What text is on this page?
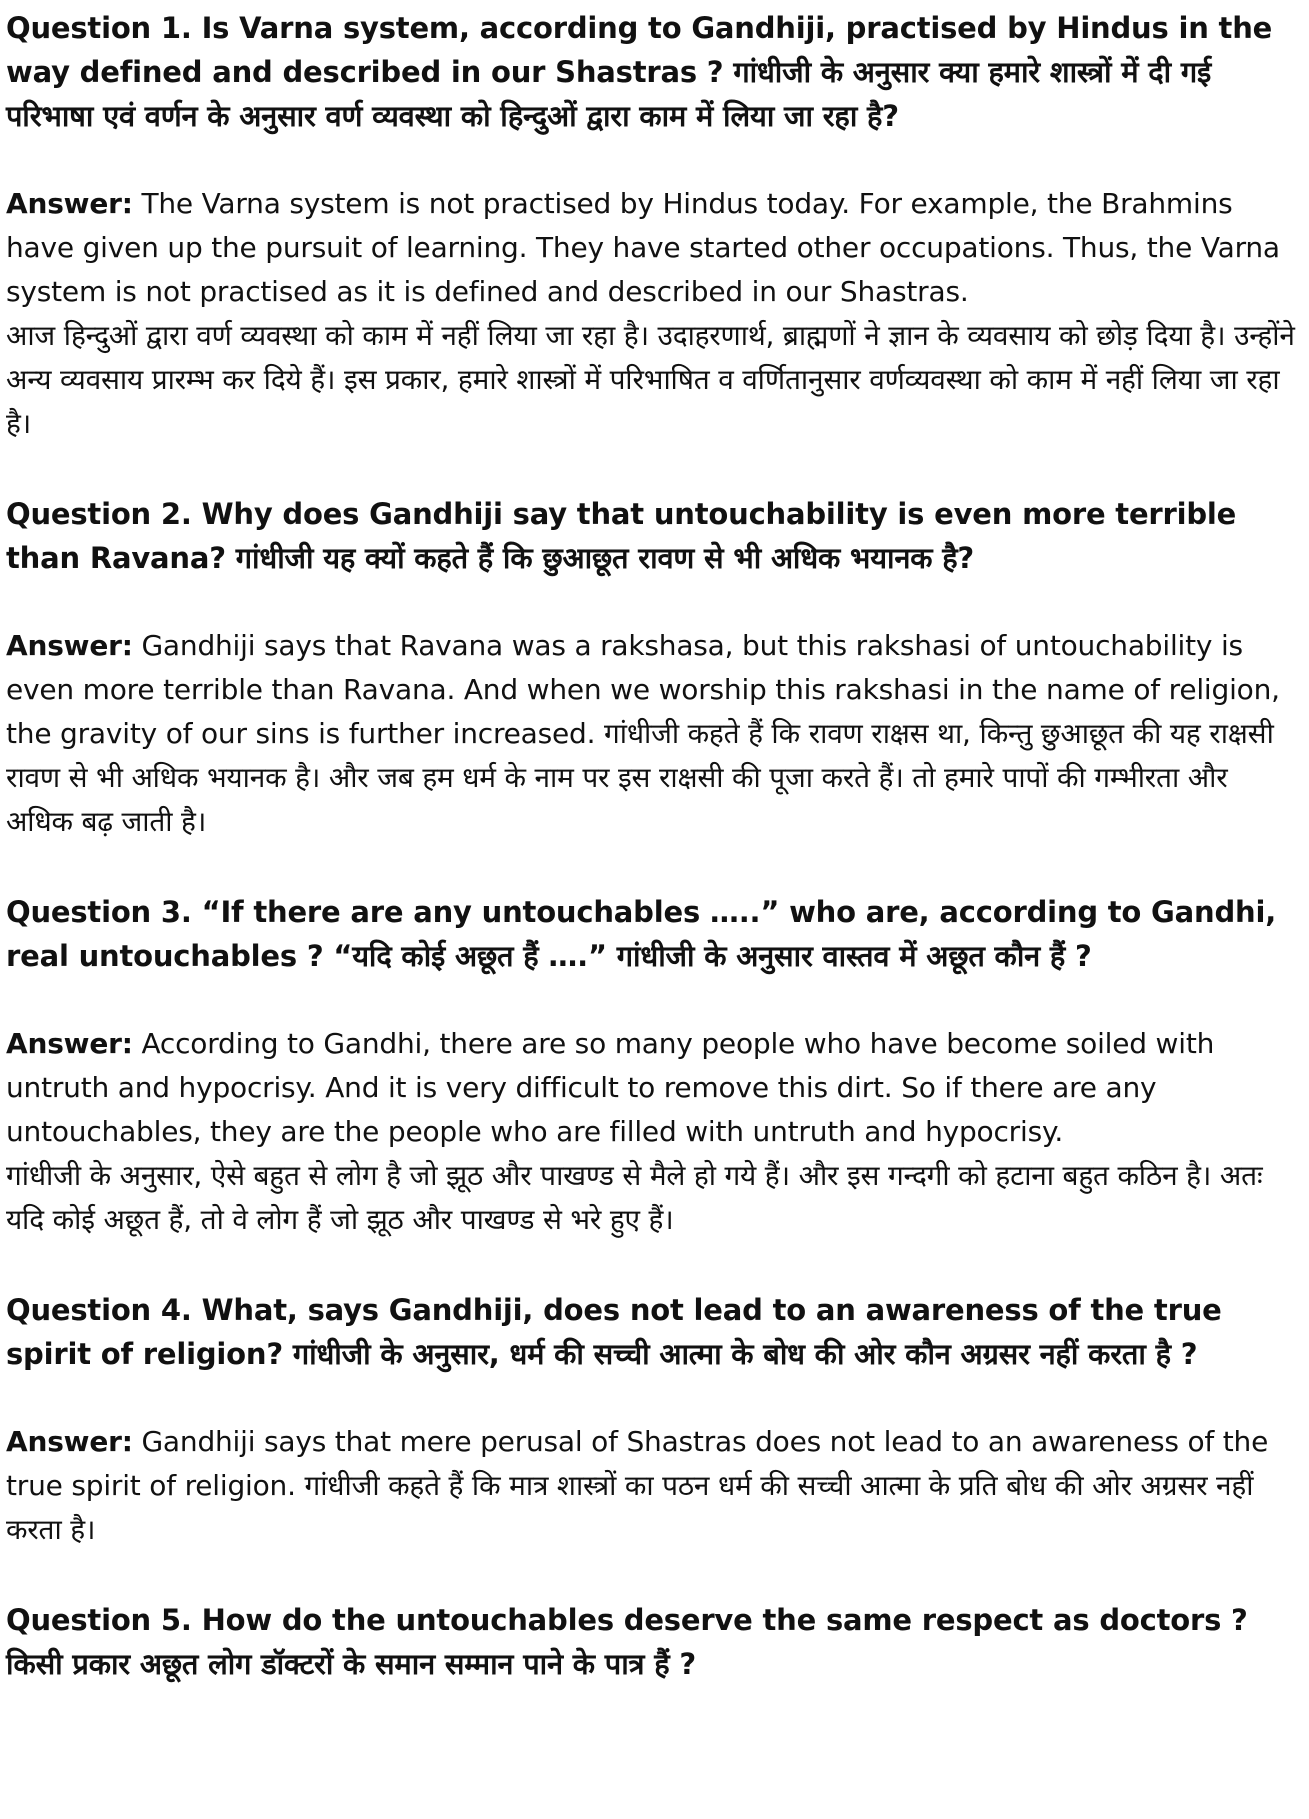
Question 1. Is Varna system, according to Gandhiji, practised by Hindus in the way defined and described in our Shastras ? गांधीजी के अनुसार क्या हमारे शास्त्रों में दी गई परिभाषा एवं वर्णन के अनुसार वर्ण व्यवस्था को हिन्दुओं द्वारा काम में लिया जा रहा है?

Answer: The Varna system is not practised by Hindus today. For example, the Brahmins have given up the pursuit of learning. They have started other occupations. Thus, the Varna system is not practised as it is defined and described in our Shastras.
आज हिन्दुओं द्वारा वर्ण व्यवस्था को काम में नहीं लिया जा रहा है। उदाहरणार्थ, ब्राह्मणों ने ज्ञान के व्यवसाय को छोड़ दिया है। उन्होंने अन्य व्यवसाय प्रारम्भ कर दिये हैं। इस प्रकार, हमारे शास्त्रों में परिभाषित व वर्णितानुसार वर्णव्यवस्था को काम में नहीं लिया जा रहा है।

Question 2. Why does Gandhiji say that untouchability is even more terrible than Ravana? गांधीजी यह क्यों कहते हैं कि छुआछूत रावण से भी अधिक भयानक है?

Answer: Gandhiji says that Ravana was a rakshasa, but this rakshasi of untouchability is even more terrible than Ravana. And when we worship this rakshasi in the name of religion, the gravity of our sins is further increased. गांधीजी कहते हैं कि रावण राक्षस था, किन्तु छुआछूत की यह राक्षसी रावण से भी अधिक भयानक है। और जब हम धर्म के नाम पर इस राक्षसी की पूजा करते हैं। तो हमारे पापों की गम्भीरता और अधिक बढ़ जाती है।

Question 3. “If there are any untouchables …..” who are, according to Gandhi, real untouchables ? “यदि कोई अछूत हैं ….” गांधीजी के अनुसार वास्तव में अछूत कौन हैं ?

Answer: According to Gandhi, there are so many people who have become soiled with untruth and hypocrisy. And it is very difficult to remove this dirt. So if there are any untouchables, they are the people who are filled with untruth and hypocrisy.
गांधीजी के अनुसार, ऐसे बहुत से लोग है जो झूठ और पाखण्ड से मैले हो गये हैं। और इस गन्दगी को हटाना बहुत कठिन है। अतः यदि कोई अछूत हैं, तो वे लोग हैं जो झूठ और पाखण्ड से भरे हुए हैं।

Question 4. What, says Gandhiji, does not lead to an awareness of the true spirit of religion? गांधीजी के अनुसार, धर्म की सच्ची आत्मा के बोध की ओर कौन अग्रसर नहीं करता है ?

Answer: Gandhiji says that mere perusal of Shastras does not lead to an awareness of the true spirit of religion. गांधीजी कहते हैं कि मात्र शास्त्रों का पठन धर्म की सच्ची आत्मा के प्रति बोध की ओर अग्रसर नहीं करता है।

Question 5. How do the untouchables deserve the same respect as doctors ? किसी प्रकार अछूत लोग डॉक्टरों के समान सम्मान पाने के पात्र हैं ?
